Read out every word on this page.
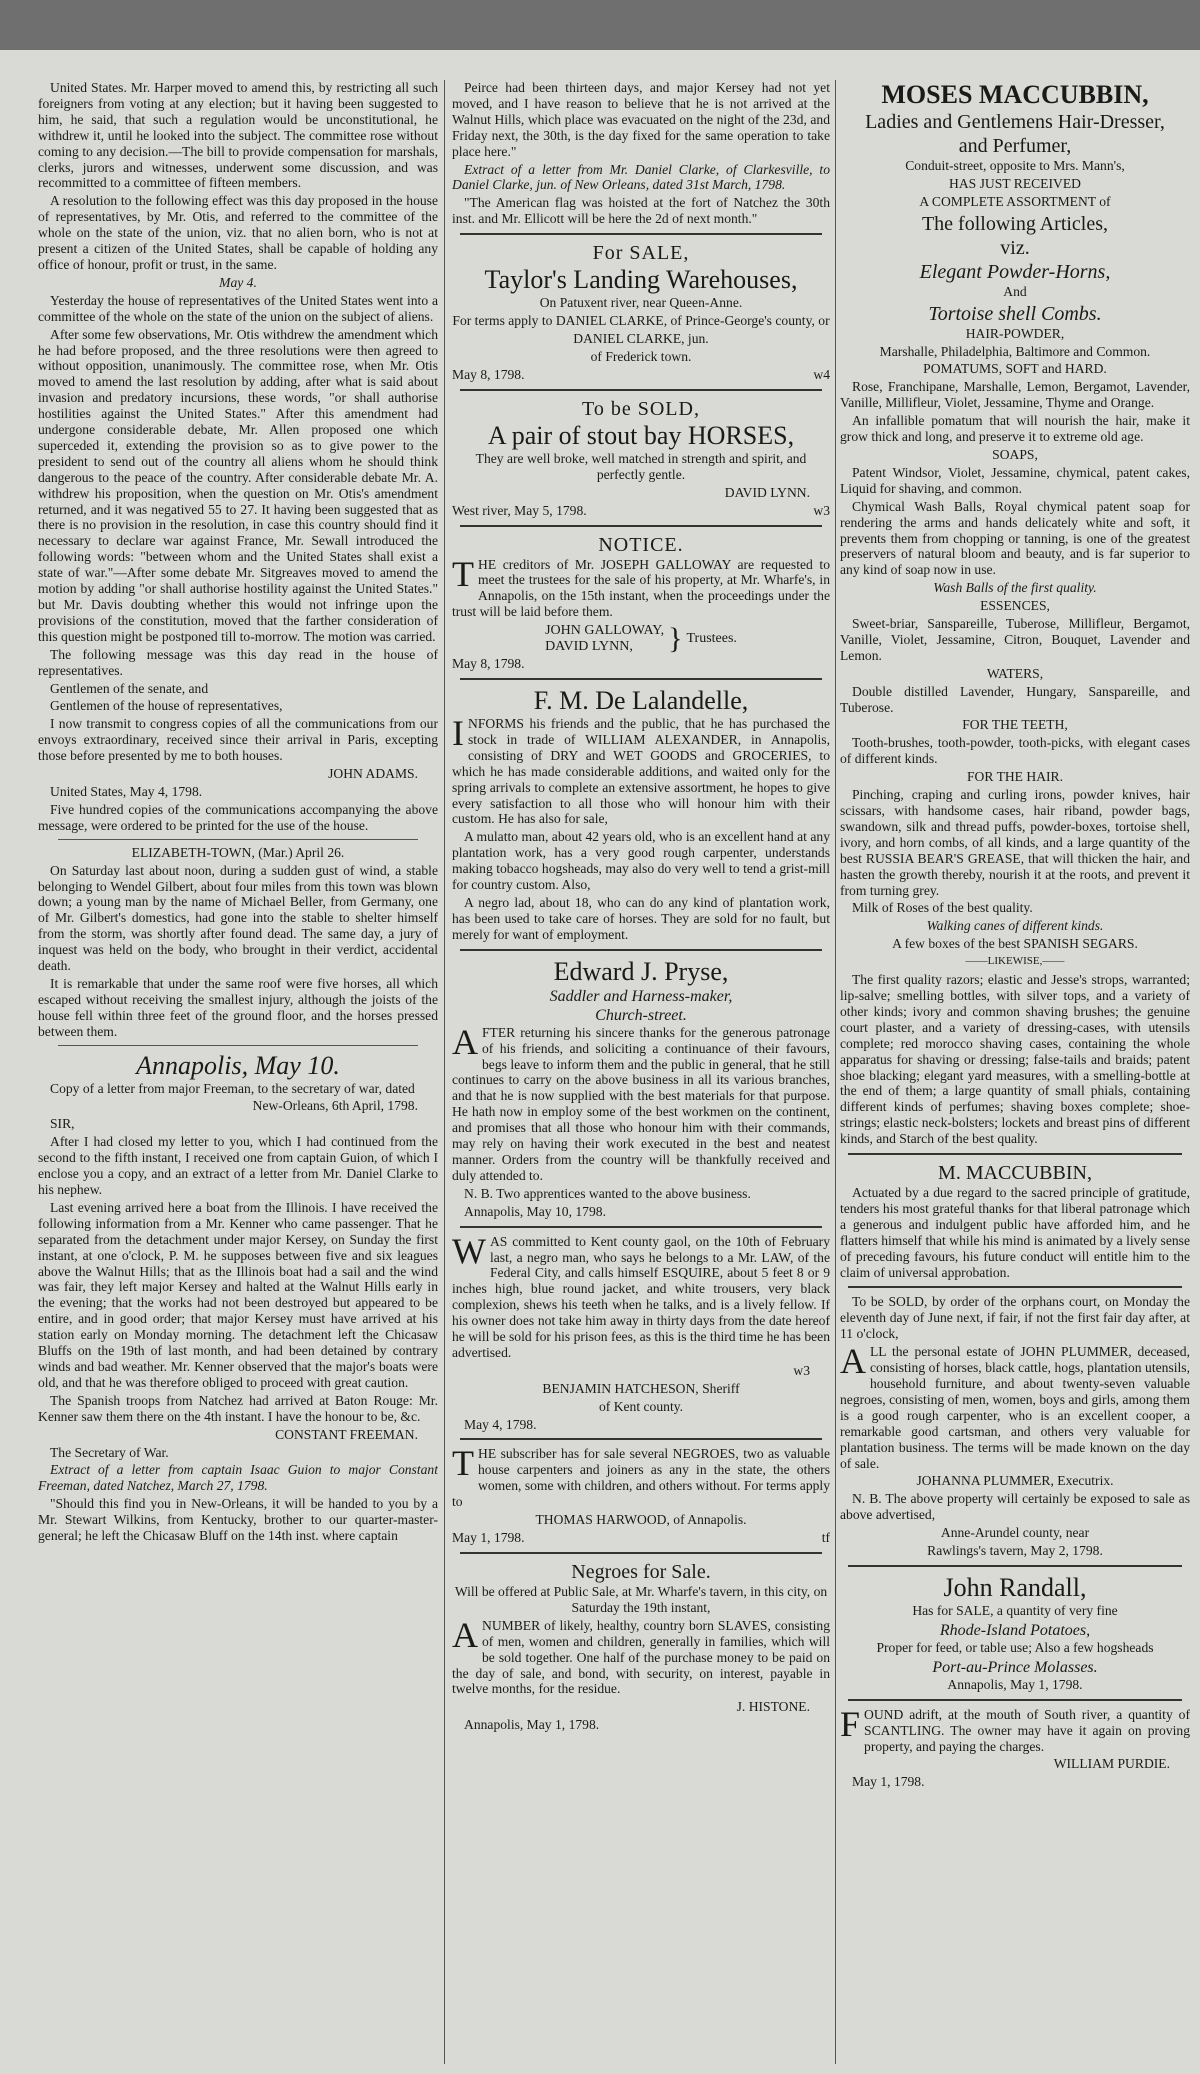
United States. Mr. Harper moved to amend this, by restricting all such foreigners from voting at any election; but it having been suggested to him, he said, that such a regulation would be unconstitutional, he withdrew it, until he looked into the subject. The committee rose without coming to any decision.—The bill to provide compensation for marshals, clerks, jurors and witnesses, underwent some discussion, and was recommitted to a committee of fifteen members.

A resolution to the following effect was this day proposed in the house of representatives, by Mr. Otis, and referred to the committee of the whole on the state of the union, viz. that no alien born, who is not at present a citizen of the United States, shall be capable of holding any office of honour, profit or trust, in the same.

May 4.

Yesterday the house of representatives of the United States went into a committee of the whole on the state of the union on the subject of aliens.

After some few observations, Mr. Otis withdrew the amendment which he had before proposed, and the three resolutions were then agreed to without opposition, unanimously. The committee rose, when Mr. Otis moved to amend the last resolution by adding, after what is said about invasion and predatory incursions, these words, "or shall authorise hostilities against the United States." After this amendment had undergone considerable debate, Mr. Allen proposed one which superceded it, extending the provision so as to give power to the president to send out of the country all aliens whom he should think dangerous to the peace of the country. After considerable debate Mr. A. withdrew his proposition, when the question on Mr. Otis's amendment returned, and it was negatived 55 to 27. It having been suggested that as there is no provision in the resolution, in case this country should find it necessary to declare war against France, Mr. Sewall introduced the following words: "between whom and the United States shall exist a state of war."—After some debate Mr. Sitgreaves moved to amend the motion by adding "or shall authorise hostility against the United States." but Mr. Davis doubting whether this would not infringe upon the provisions of the constitution, moved that the farther consideration of this question might be postponed till to-morrow. The motion was carried.

The following message was this day read in the house of representatives.

Gentlemen of the senate, and

Gentlemen of the house of representatives,

I now transmit to congress copies of all the communications from our envoys extraordinary, received since their arrival in Paris, excepting those before presented by me to both houses.

JOHN ADAMS.

United States, May 4, 1798.

Five hundred copies of the communications accompanying the above message, were ordered to be printed for the use of the house.

ELIZABETH-TOWN, (Mar.) April 26.

On Saturday last about noon, during a sudden gust of wind, a stable belonging to Wendel Gilbert, about four miles from this town was blown down; a young man by the name of Michael Beller, from Germany, one of Mr. Gilbert's domestics, had gone into the stable to shelter himself from the storm, was shortly after found dead. The same day, a jury of inquest was held on the body, who brought in their verdict, accidental death.

It is remarkable that under the same roof were five horses, all which escaped without receiving the smallest injury, although the joists of the house fell within three feet of the ground floor, and the horses pressed between them.

Annapolis, May 10.

Copy of a letter from major Freeman, to the secretary of war, dated

New-Orleans, 6th April, 1798.

SIR,

After I had closed my letter to you, which I had continued from the second to the fifth instant, I received one from captain Guion, of which I enclose you a copy, and an extract of a letter from Mr. Daniel Clarke to his nephew.

Last evening arrived here a boat from the Illinois. I have received the following information from a Mr. Kenner who came passenger. That he separated from the detachment under major Kersey, on Sunday the first instant, at one o'clock, P. M. he supposes between five and six leagues above the Walnut Hills; that as the Illinois boat had a sail and the wind was fair, they left major Kersey and halted at the Walnut Hills early in the evening; that the works had not been destroyed but appeared to be entire, and in good order; that major Kersey must have arrived at his station early on Monday morning. The detachment left the Chicasaw Bluffs on the 19th of last month, and had been detained by contrary winds and bad weather. Mr. Kenner observed that the major's boats were old, and that he was therefore obliged to proceed with great caution.

The Spanish troops from Natchez had arrived at Baton Rouge: Mr. Kenner saw them there on the 4th instant. I have the honour to be, &c.

CONSTANT FREEMAN.

The Secretary of War.

Extract of a letter from captain Isaac Guion to major Constant Freeman, dated Natchez, March 27, 1798.

"Should this find you in New-Orleans, it will be handed to you by a Mr. Stewart Wilkins, from Kentucky, brother to our quarter-master-general; he left the Chicasaw Bluff on the 14th inst. where captain

Peirce had been thirteen days, and major Kersey had not yet moved, and I have reason to believe that he is not arrived at the Walnut Hills, which place was evacuated on the night of the 23d, and Friday next, the 30th, is the day fixed for the same operation to take place here."

Extract of a letter from Mr. Daniel Clarke, of Clarkesville, to Daniel Clarke, jun. of New Orleans, dated 31st March, 1798.

"The American flag was hoisted at the fort of Natchez the 30th inst. and Mr. Ellicott will be here the 2d of next month."

For SALE,
Taylor's Landing Warehouses,

On Patuxent river, near Queen-Anne.

For terms apply to DANIEL CLARKE, of Prince-George's county, or

DANIEL CLARKE, jun.

of Frederick town.

May 8, 1798.	w4
To be SOLD,
A pair of stout bay HORSES,

They are well broke, well matched in strength and spirit, and perfectly gentle.

DAVID LYNN.

West river, May 5, 1798.	w3
NOTICE.

THE creditors of Mr. JOSEPH GALLOWAY are requested to meet the trustees for the sale of his property, at Mr. Wharfe's, in Annapolis, on the 15th instant, when the proceedings under the trust will be laid before them.

JOHN GALLOWAY,
DAVID LYNN,	} Trustees.

May 8, 1798.

F. M. De Lalandelle,

INFORMS his friends and the public, that he has purchased the stock in trade of WILLIAM ALEXANDER, in Annapolis, consisting of DRY and WET GOODS and GROCERIES, to which he has made considerable additions, and waited only for the spring arrivals to complete an extensive assortment, he hopes to give every satisfaction to all those who will honour him with their custom. He has also for sale,

A mulatto man, about 42 years old, who is an excellent hand at any plantation work, has a very good rough carpenter, understands making tobacco hogsheads, may also do very well to tend a grist-mill for country custom. Also,

A negro lad, about 18, who can do any kind of plantation work, has been used to take care of horses. They are sold for no fault, but merely for want of employment.

Edward J. Pryse,
Saddler and Harness-maker,
Church-street.

AFTER returning his sincere thanks for the generous patronage of his friends, and soliciting a continuance of their favours, begs leave to inform them and the public in general, that he still continues to carry on the above business in all its various branches, and that he is now supplied with the best materials for that purpose. He hath now in employ some of the best workmen on the continent, and promises that all those who honour him with their commands, may rely on having their work executed in the best and neatest manner. Orders from the country will be thankfully received and duly attended to.

N. B. Two apprentices wanted to the above business.

Annapolis, May 10, 1798.

WAS committed to Kent county gaol, on the 10th of February last, a negro man, who says he belongs to a Mr. LAW, of the Federal City, and calls himself ESQUIRE, about 5 feet 8 or 9 inches high, blue round jacket, and white trousers, very black complexion, shews his teeth when he talks, and is a lively fellow. If his owner does not take him away in thirty days from the date hereof he will be sold for his prison fees, as this is the third time he has been advertised.

w3

BENJAMIN HATCHESON, Sheriff

of Kent county.

May 4, 1798.

THE subscriber has for sale several NEGROES, two as valuable house carpenters and joiners as any in the state, the others women, some with children, and others without. For terms apply to

THOMAS HARWOOD, of Annapolis.

May 1, 1798.	tf
Negroes for Sale.

Will be offered at Public Sale, at Mr. Wharfe's tavern, in this city, on Saturday the 19th instant,

ANUMBER of likely, healthy, country born SLAVES, consisting of men, women and children, generally in families, which will be sold together. One half of the purchase money to be paid on the day of sale, and bond, with security, on interest, payable in twelve months, for the residue.

J. HISTONE.

Annapolis, May 1, 1798.

MOSES MACCUBBIN,
Ladies and Gentlemens Hair-Dresser,
and Perfumer,

Conduit-street, opposite to Mrs. Mann's,

HAS JUST RECEIVED

A COMPLETE ASSORTMENT of

The following Articles,
viz.
Elegant Powder-Horns,

And

Tortoise shell Combs.

HAIR-POWDER,

Marshalle, Philadelphia, Baltimore and Common.

POMATUMS, SOFT and HARD.

Rose, Franchipane, Marshalle, Lemon, Bergamot, Lavender, Vanille, Millifleur, Violet, Jessamine, Thyme and Orange.

An infallible pomatum that will nourish the hair, make it grow thick and long, and preserve it to extreme old age.

SOAPS,

Patent Windsor, Violet, Jessamine, chymical, patent cakes, Liquid for shaving, and common.

Chymical Wash Balls, Royal chymical patent soap for rendering the arms and hands delicately white and soft, it prevents them from chopping or tanning, is one of the greatest preservers of natural bloom and beauty, and is far superior to any kind of soap now in use.

Wash Balls of the first quality.

ESSENCES,

Sweet-briar, Sanspareille, Tuberose, Millifleur, Bergamot, Vanille, Violet, Jessamine, Citron, Bouquet, Lavender and Lemon.

WATERS,

Double distilled Lavender, Hungary, Sanspareille, and Tuberose.

FOR THE TEETH,

Tooth-brushes, tooth-powder, tooth-picks, with elegant cases of different kinds.

FOR THE HAIR.

Pinching, craping and curling irons, powder knives, hair scissars, with handsome cases, hair riband, powder bags, swandown, silk and thread puffs, powder-boxes, tortoise shell, ivory, and horn combs, of all kinds, and a large quantity of the best RUSSIA BEAR'S GREASE, that will thicken the hair, and hasten the growth thereby, nourish it at the roots, and prevent it from turning grey.

Milk of Roses of the best quality.

Walking canes of different kinds.

A few boxes of the best SPANISH SEGARS.

——LIKEWISE,——

The first quality razors; elastic and Jesse's strops, warranted; lip-salve; smelling bottles, with silver tops, and a variety of other kinds; ivory and common shaving brushes; the genuine court plaster, and a variety of dressing-cases, with utensils complete; red morocco shaving cases, containing the whole apparatus for shaving or dressing; false-tails and braids; patent shoe blacking; elegant yard measures, with a smelling-bottle at the end of them; a large quantity of small phials, containing different kinds of perfumes; shaving boxes complete; shoe-strings; elastic neck-bolsters; lockets and breast pins of different kinds, and Starch of the best quality.

M. MACCUBBIN,

Actuated by a due regard to the sacred principle of gratitude, tenders his most grateful thanks for that liberal patronage which a generous and indulgent public have afforded him, and he flatters himself that while his mind is animated by a lively sense of preceding favours, his future conduct will entitle him to the claim of universal approbation.

To be SOLD, by order of the orphans court, on Monday the eleventh day of June next, if fair, if not the first fair day after, at 11 o'clock,

ALL the personal estate of JOHN PLUMMER, deceased, consisting of horses, black cattle, hogs, plantation utensils, household furniture, and about twenty-seven valuable negroes, consisting of men, women, boys and girls, among them is a good rough carpenter, who is an excellent cooper, a remarkable good cartsman, and others very valuable for plantation business. The terms will be made known on the day of sale.

JOHANNA PLUMMER, Executrix.

N. B. The above property will certainly be exposed to sale as above advertised,

Anne-Arundel county, near

Rawlings's tavern, May 2, 1798.

John Randall,

Has for SALE, a quantity of very fine

Rhode-Island Potatoes,

Proper for feed, or table use; Also a few hogsheads

Port-au-Prince Molasses.

Annapolis, May 1, 1798.

FOUND adrift, at the mouth of South river, a quantity of SCANTLING. The owner may have it again on proving property, and paying the charges.

WILLIAM PURDIE.

May 1, 1798.
